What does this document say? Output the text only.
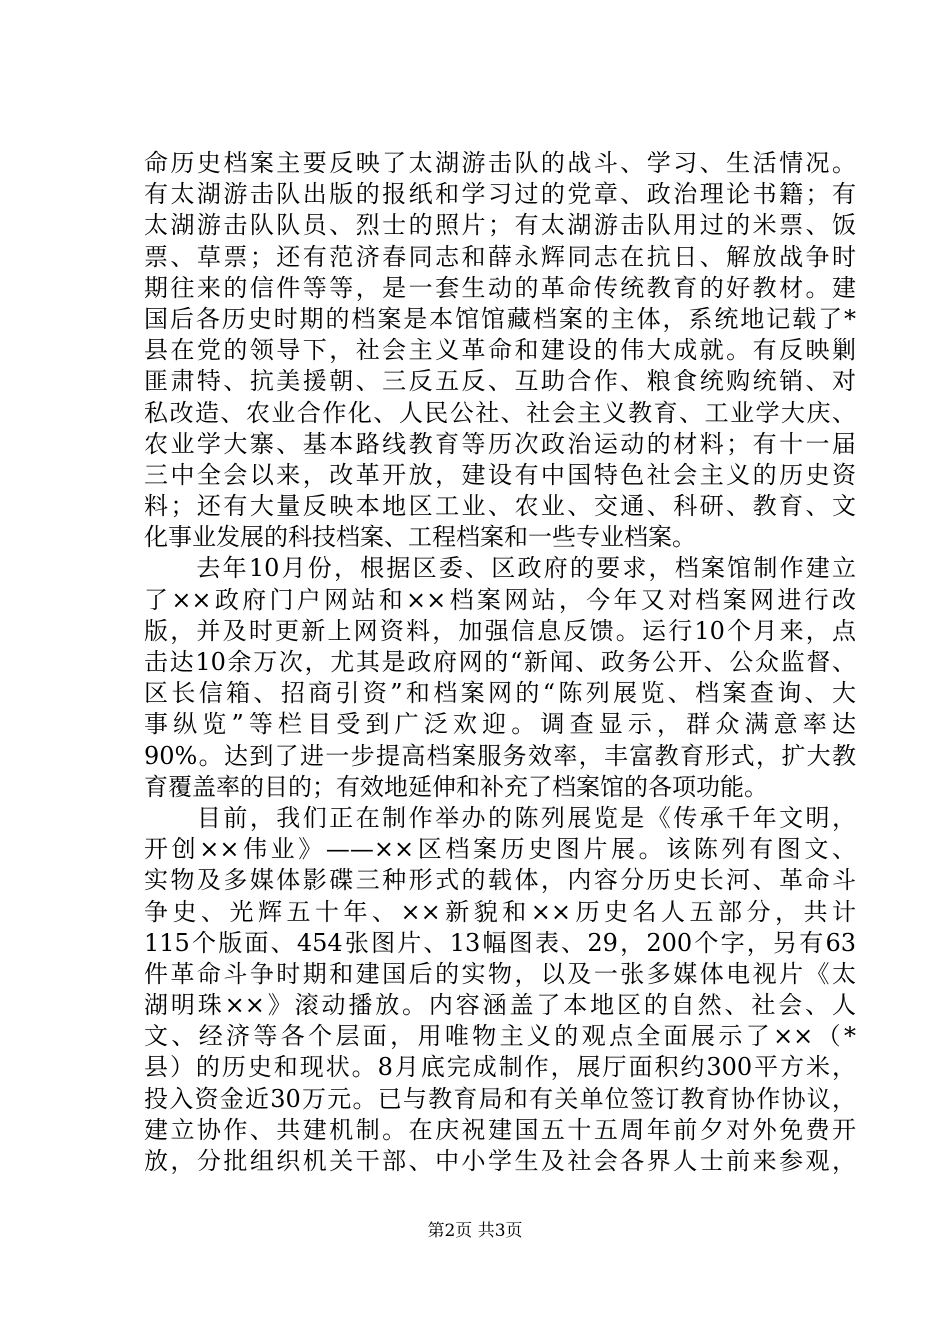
命历史档案主要反映了太湖游击队的战斗、学习、生活情况。
有太湖游击队出版的报纸和学习过的党章、政治理论书籍；有
太湖游击队队员、烈士的照片；有太湖游击队用过的米票、饭
票、草票；还有范济春同志和薛永辉同志在抗日、解放战争时
期往来的信件等等，是一套生动的革命传统教育的好教材。建
国后各历史时期的档案是本馆馆藏档案的主体，系统地记载了*
县在党的领导下，社会主义革命和建设的伟大成就。有反映剿
匪肃特、抗美援朝、三反五反、互助合作、粮食统购统销、对
私改造、农业合作化、人民公社、社会主义教育、工业学大庆、
农业学大寨、基本路线教育等历次政治运动的材料；有十一届
三中全会以来，改革开放，建设有中国特色社会主义的历史资
料；还有大量反映本地区工业、农业、交通、科研、教育、文
化事业发展的科技档案、工程档案和一些专业档案。
　　去年10月份，根据区委、区政府的要求，档案馆制作建立
了××政府门户网站和××档案网站，今年又对档案网进行改
版，并及时更新上网资料，加强信息反馈。运行10个月来，点
击达10余万次，尤其是政府网的“新闻、政务公开、公众监督、
区长信箱、招商引资”和档案网的“陈列展览、档案查询、大
事纵览”等栏目受到广泛欢迎。调查显示，群众满意率达
90%。达到了进一步提高档案服务效率，丰富教育形式，扩大教
育覆盖率的目的；有效地延伸和补充了档案馆的各项功能。
　　目前，我们正在制作举办的陈列展览是《传承千年文明，
开创××伟业》——××区档案历史图片展。该陈列有图文、
实物及多媒体影碟三种形式的载体，内容分历史长河、革命斗
争史、光辉五十年、××新貌和××历史名人五部分，共计
115个版面、454张图片、13幅图表、29，200个字，另有63
件革命斗争时期和建国后的实物，以及一张多媒体电视片《太
湖明珠××》滚动播放。内容涵盖了本地区的自然、社会、人
文、经济等各个层面，用唯物主义的观点全面展示了××（*
县）的历史和现状。8月底完成制作，展厅面积约300平方米，
投入资金近30万元。已与教育局和有关单位签订教育协作协议，
建立协作、共建机制。在庆祝建国五十五周年前夕对外免费开
放，分批组织机关干部、中小学生及社会各界人士前来参观，
第2页 共3页
